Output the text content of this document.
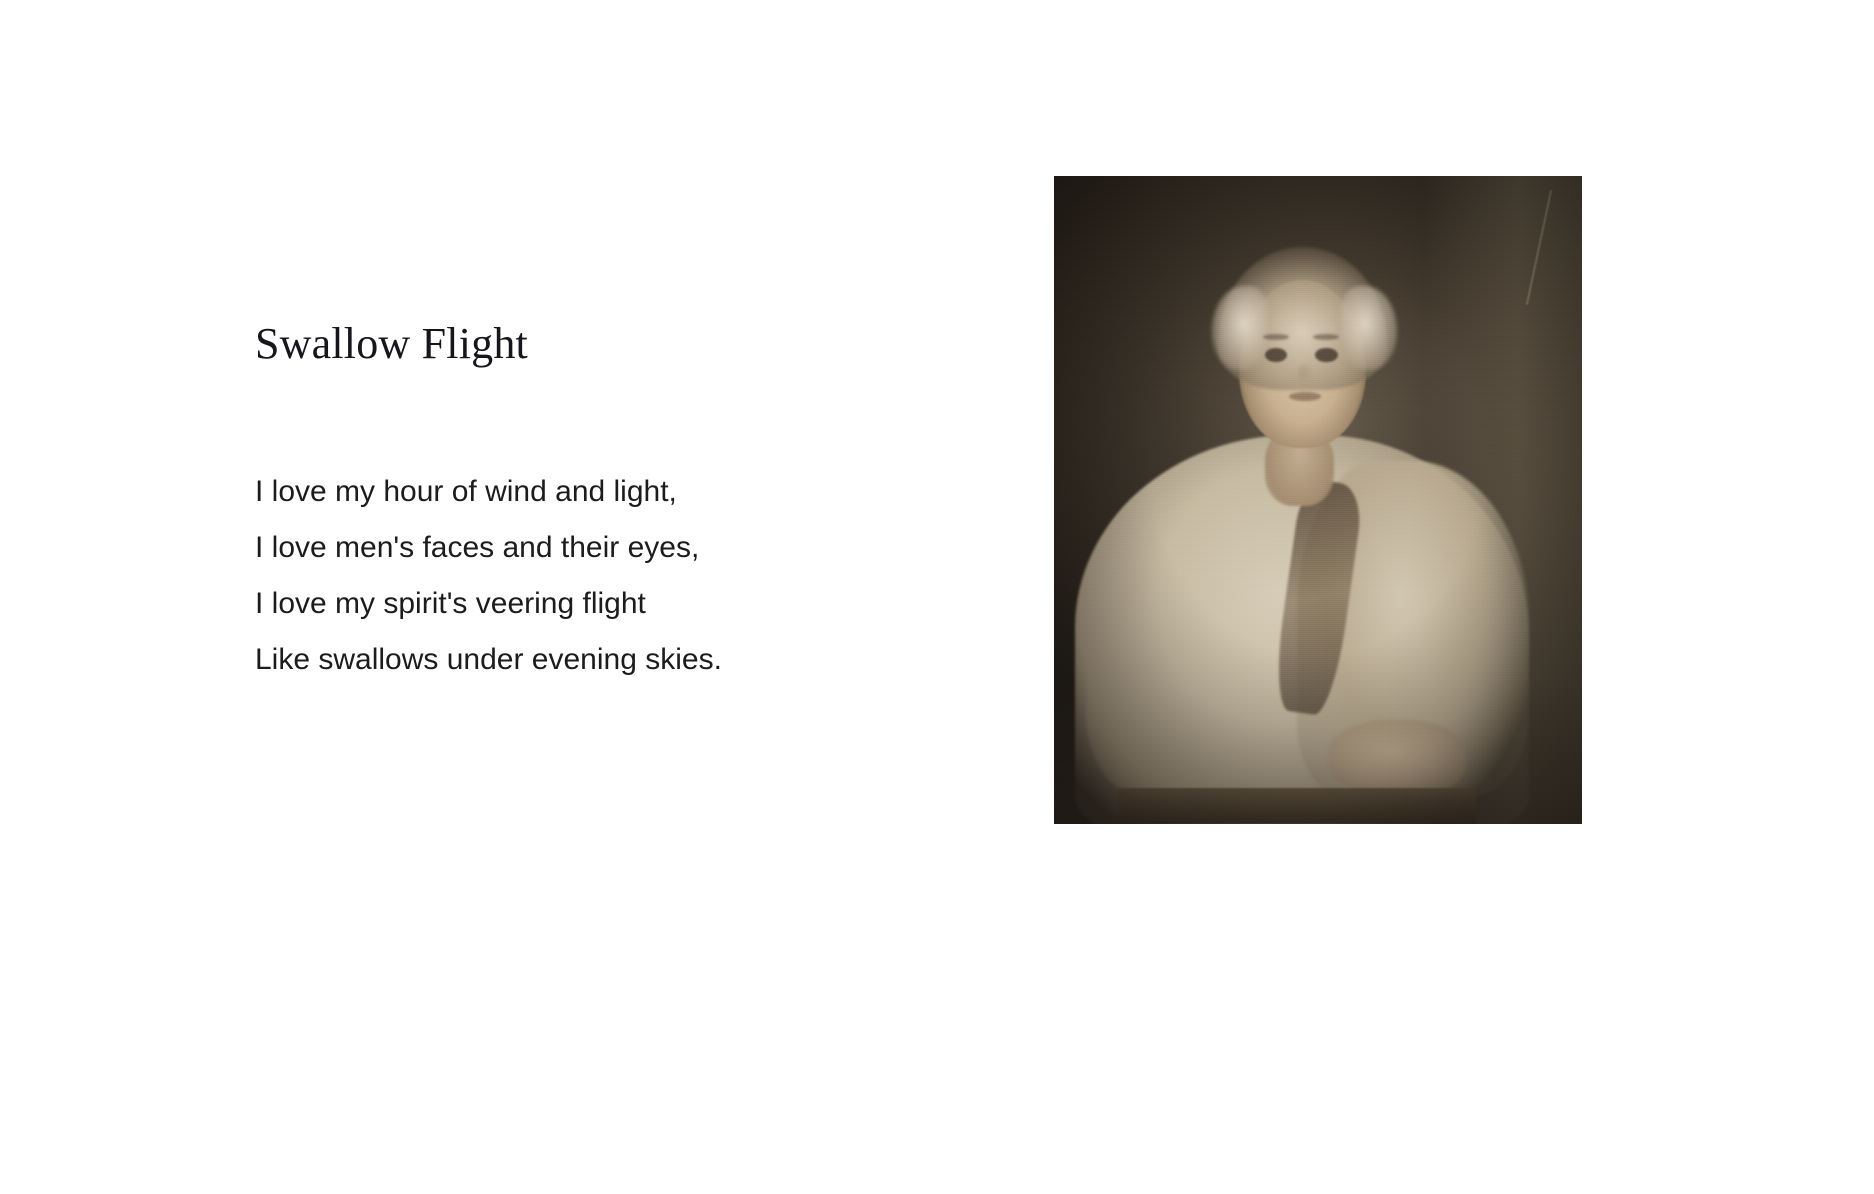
Swallow Flight
I love my hour of wind and light,
I love men's faces and their eyes,
I love my spirit's veering flight
Like swallows under evening skies.
